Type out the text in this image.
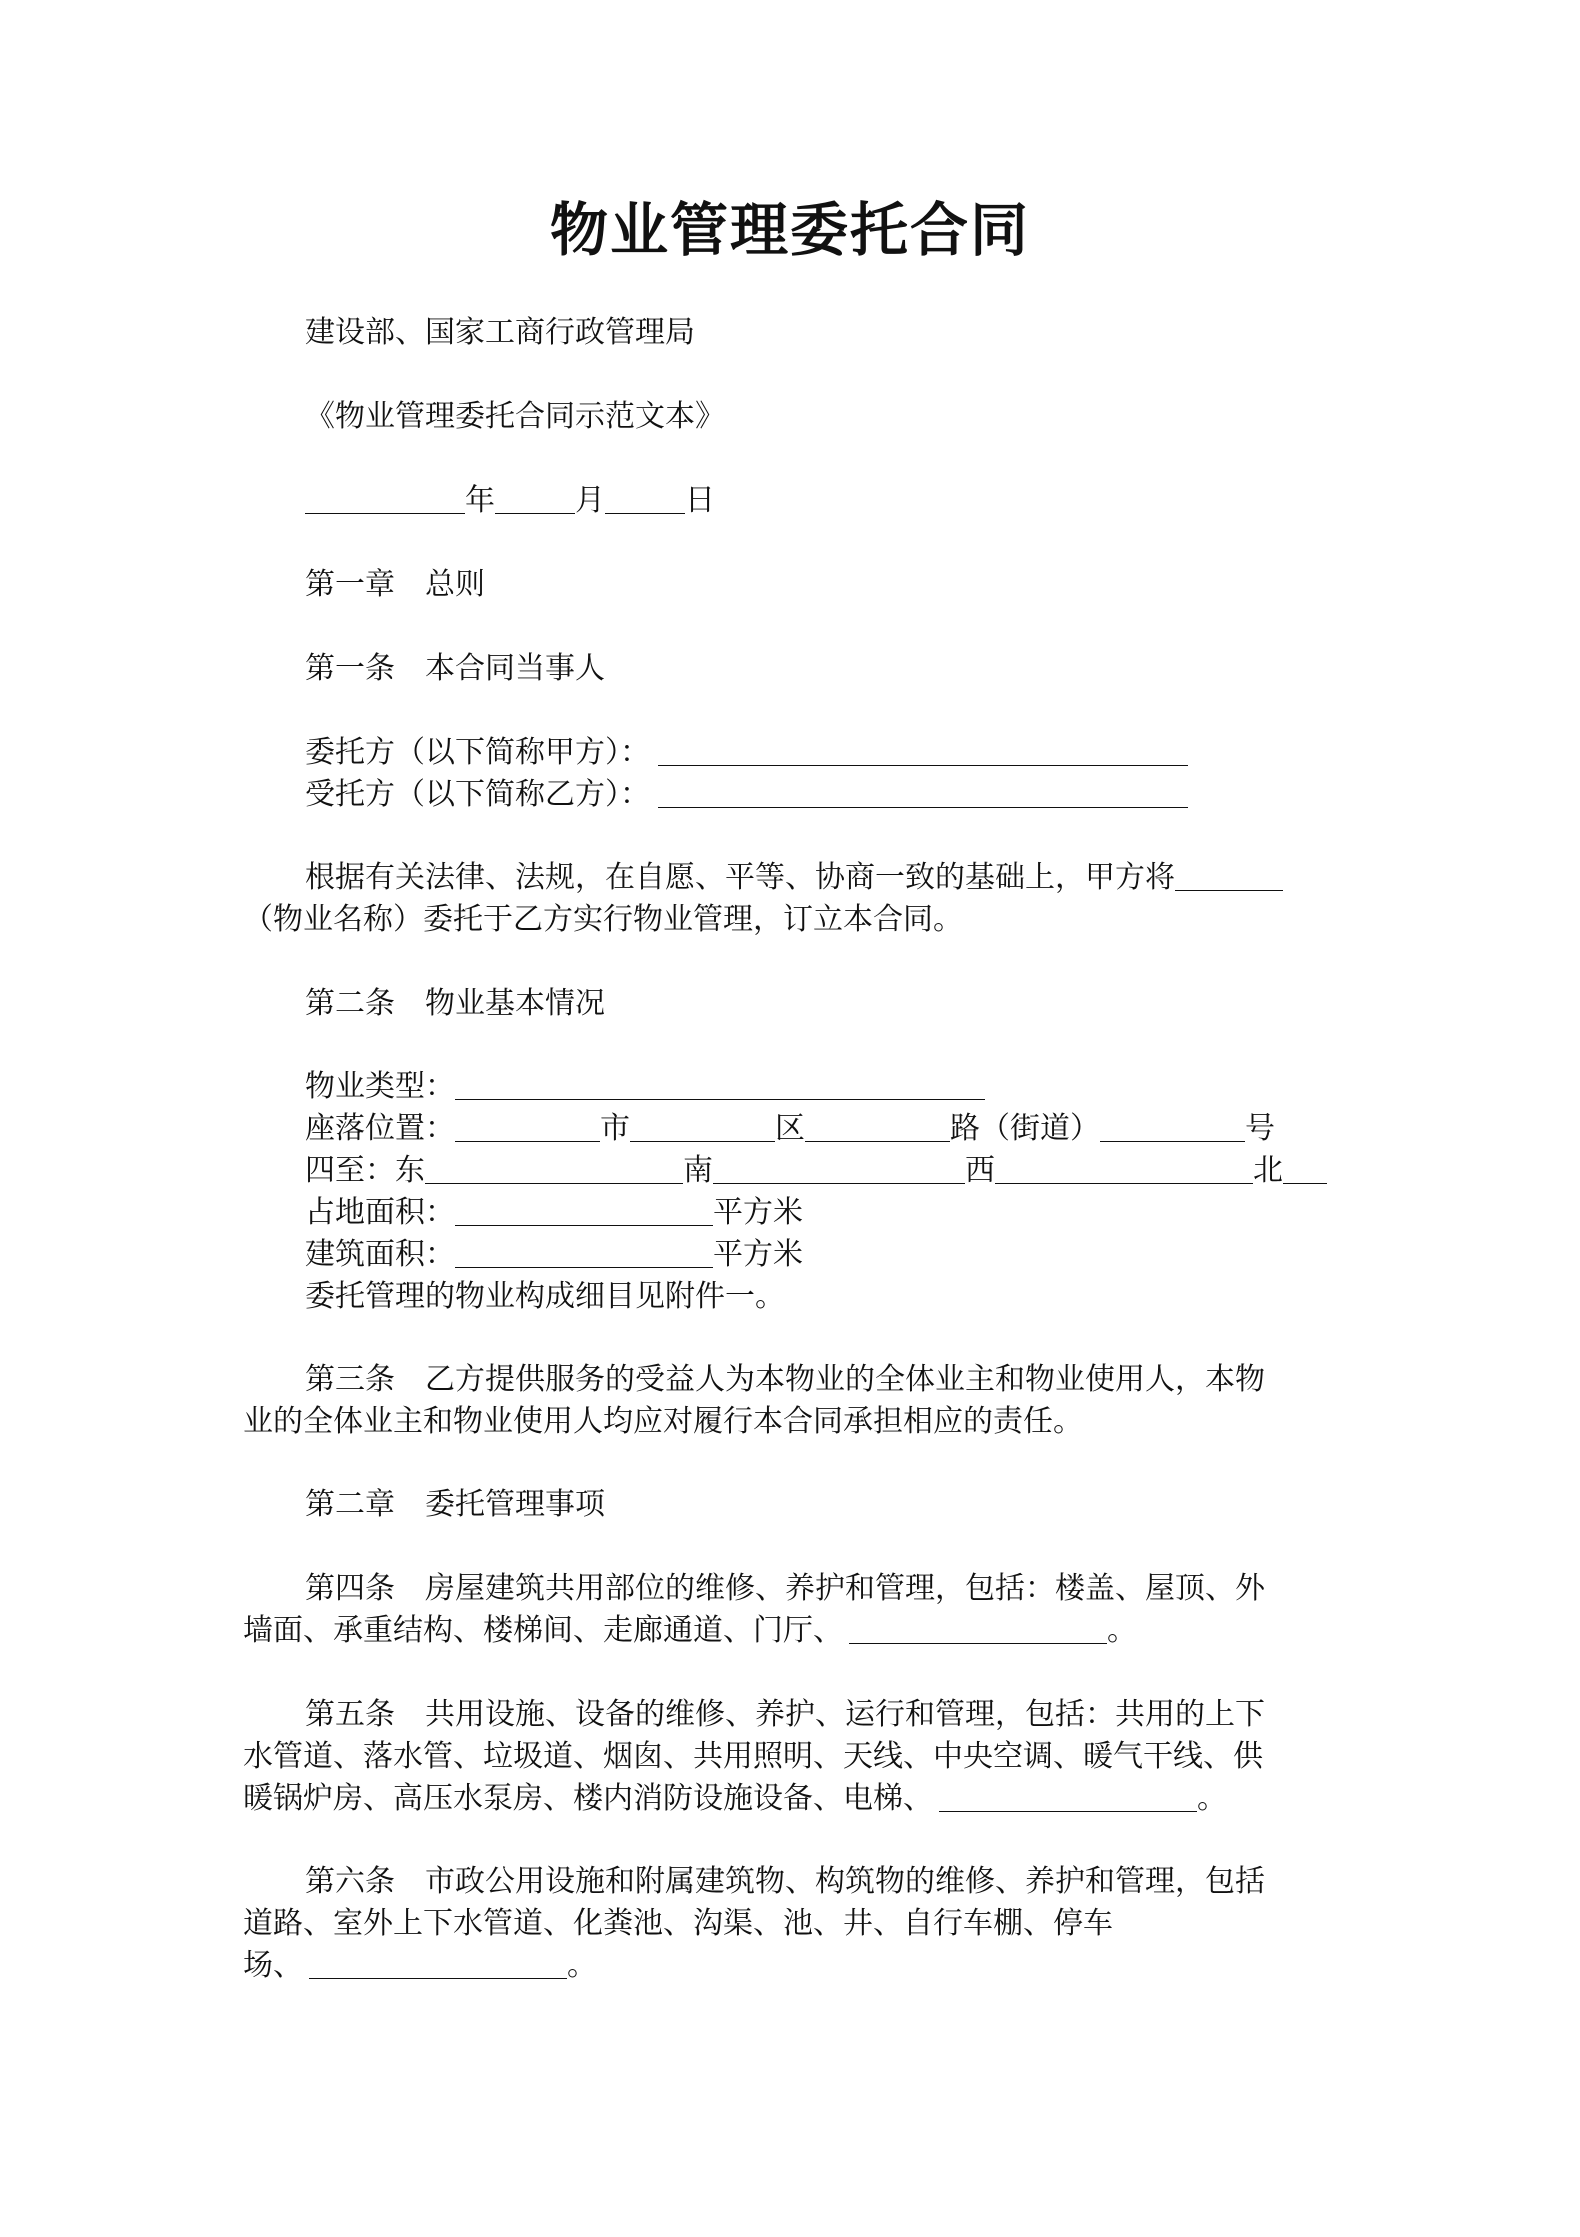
物业管理委托合同
建设部、国家工商行政管理局
《物业管理委托合同示范文本》
年	月	日
第一章 总则
第一条 本合同当事人
委托方（以下简称甲方）：
受托方（以下简称乙方）：
根据有关法律、法规，在自愿、平等、协商一致的基础上，甲方将
（物业名称）委托于乙方实行物业管理，订立本合同。
第二条 物业基本情况
物业类型：
座落位置：	市	区	路（街道）	号
四至：东	南	西	北
占地面积：	平方米
建筑面积：	平方米
委托管理的物业构成细目见附件一。
第三条　乙方提供服务的受益人为本物业的全体业主和物业使用人，本物
业的全体业主和物业使用人均应对履行本合同承担相应的责任。
第二章 委托管理事项
第四条　房屋建筑共用部位的维修、养护和管理，包括：楼盖、屋顶、外
墙面、承重结构、楼梯间、走廊通道、门厅、	。
第五条　共用设施、设备的维修、养护、运行和管理，包括：共用的上下
水管道、落水管、垃圾道、烟囱、共用照明、天线、中央空调、暖气干线、供
暖锅炉房、高压水泵房、楼内消防设施设备、电梯、	。
第六条　市政公用设施和附属建筑物、构筑物的维修、养护和管理，包括
道路、室外上下水管道、化粪池、沟渠、池、井、自行车棚、停车
场、	。
